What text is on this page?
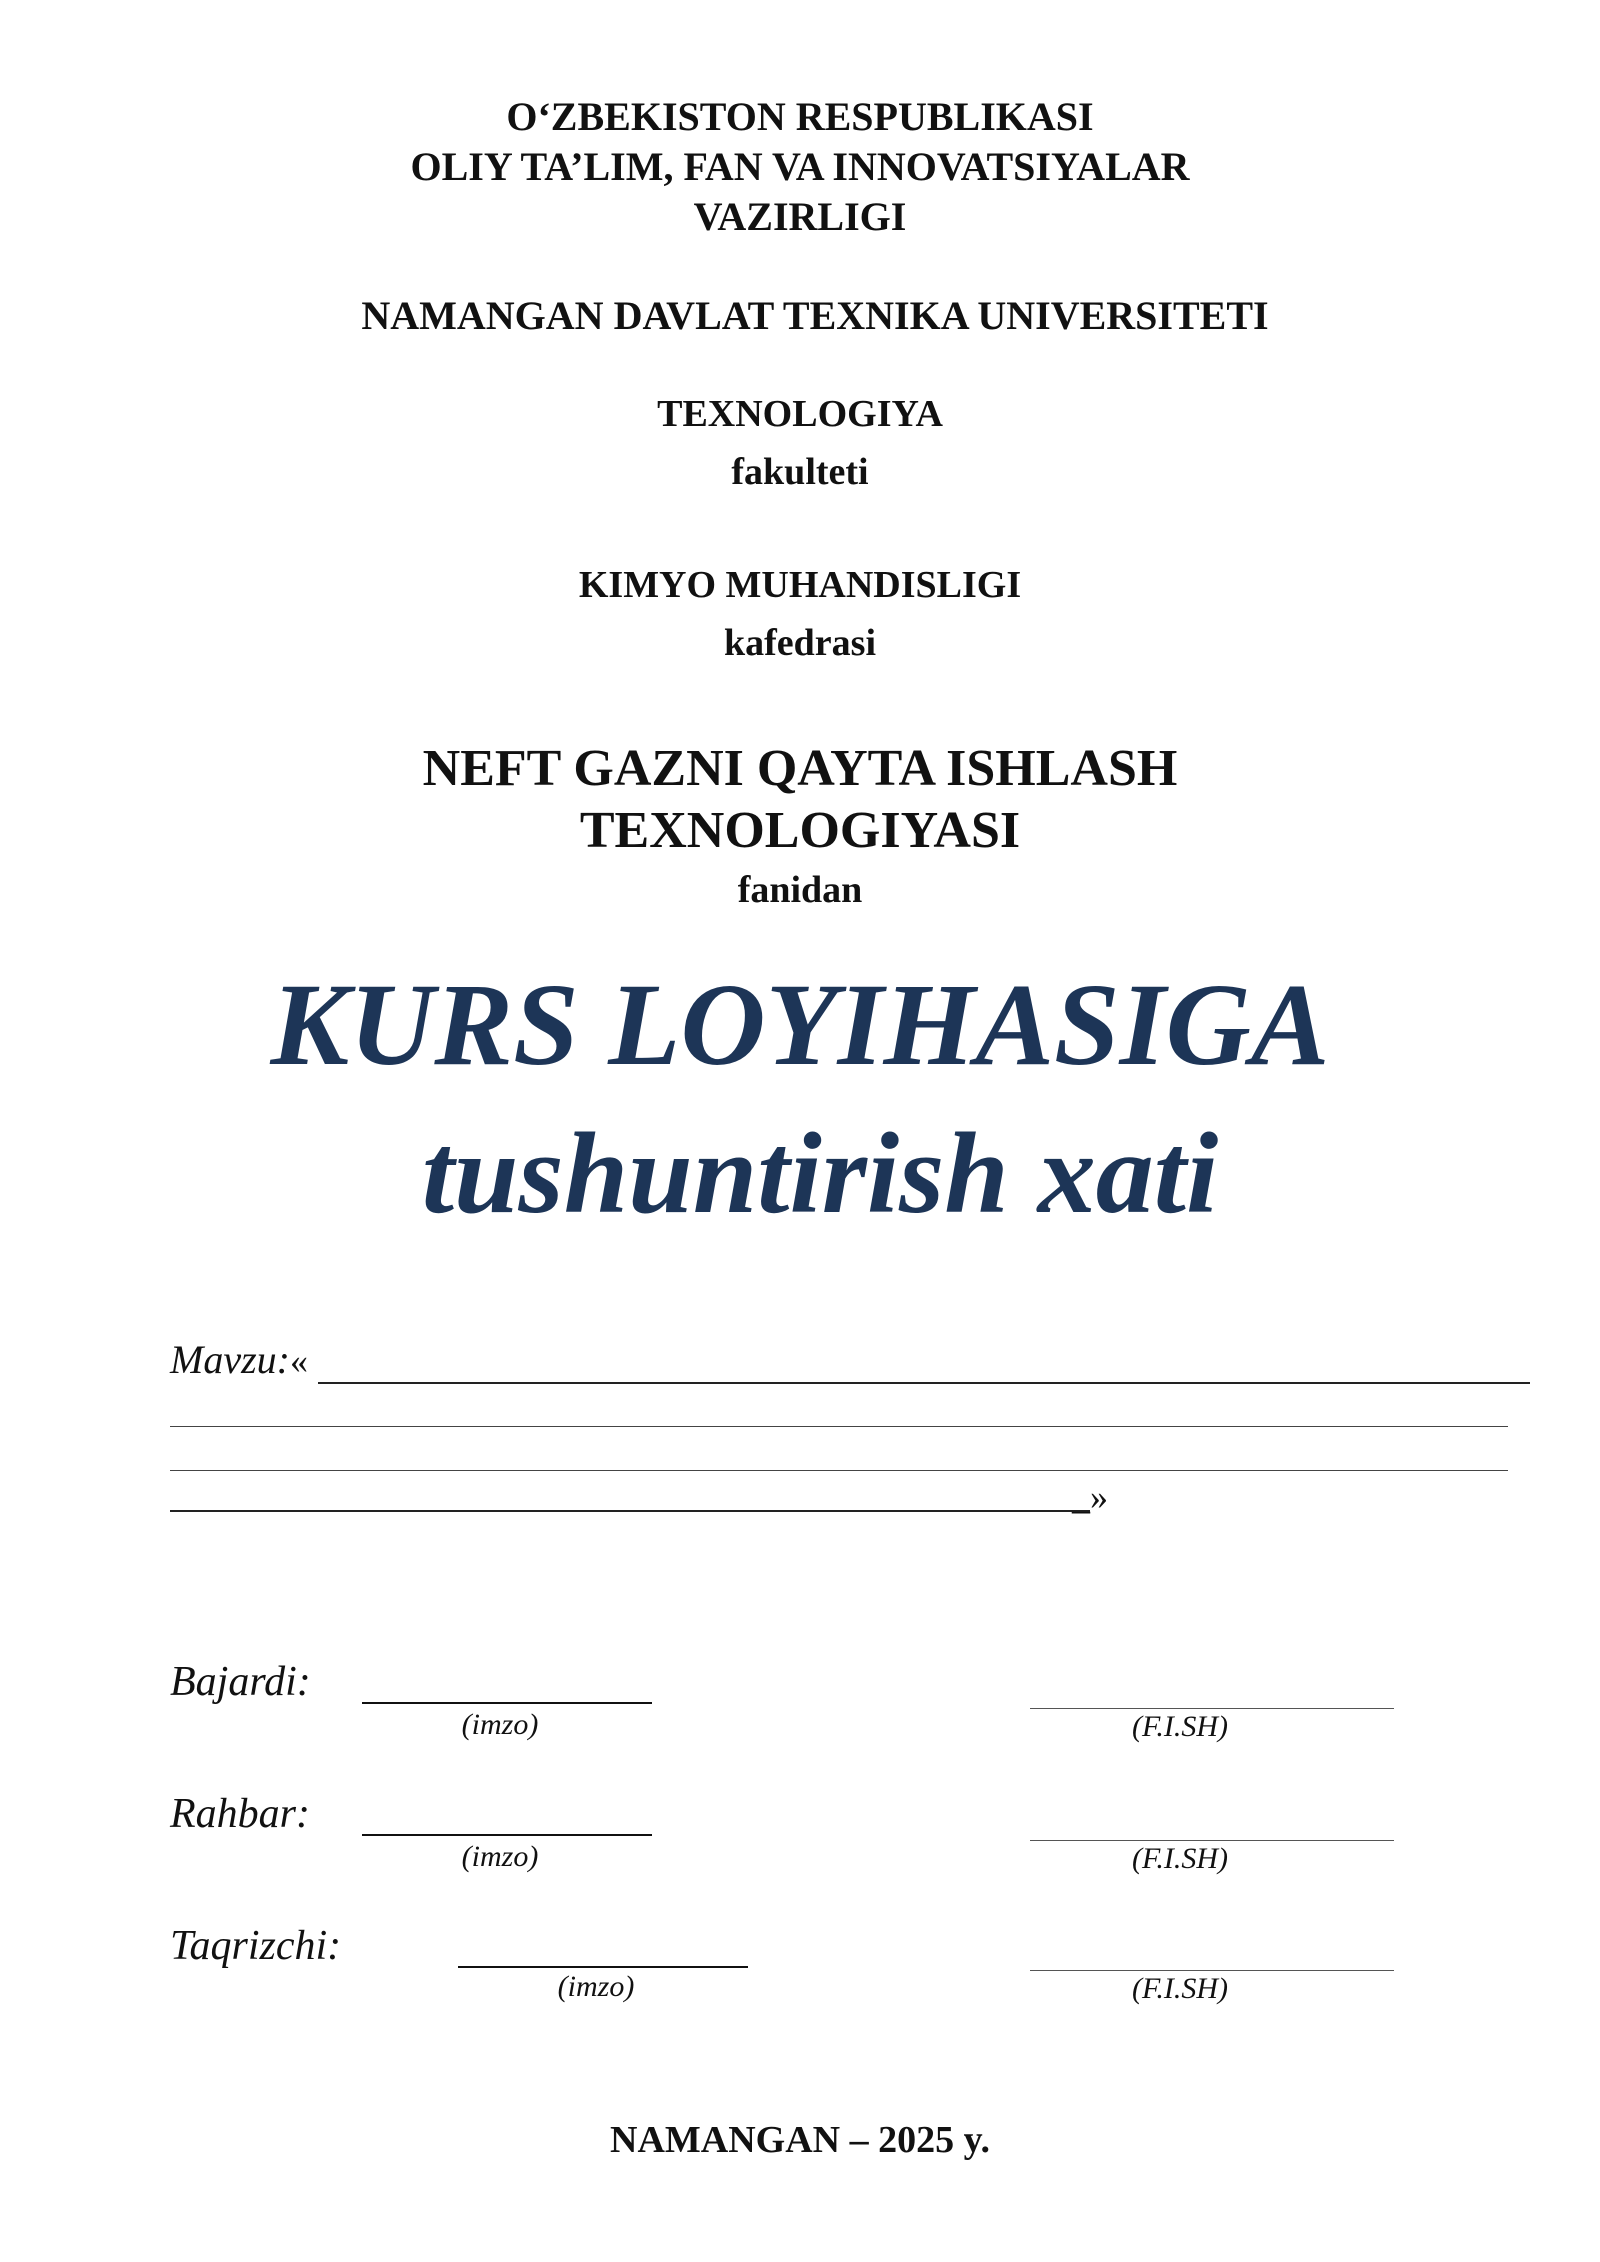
O‘ZBEKISTON RESPUBLIKASI
OLIY TA’LIM, FAN VA INNOVATSIYALAR
VAZIRLIGI
NAMANGAN DAVLAT TEXNIKA UNIVERSITETI
TEXNOLOGIYA
fakulteti
KIMYO MUHANDISLIGI
kafedrasi
NEFT GAZNI QAYTA ISHLASH
TEXNOLOGIYASI
fanidan
KURS LOYIHASIGA
tushuntirish xati
Mavzu:«
_»
Bajardi:
(imzo)	(F.I.SH)
Rahbar:
(imzo)	(F.I.SH)
Taqrizchi:
(imzo)	(F.I.SH)
NAMANGAN – 2025 y.
